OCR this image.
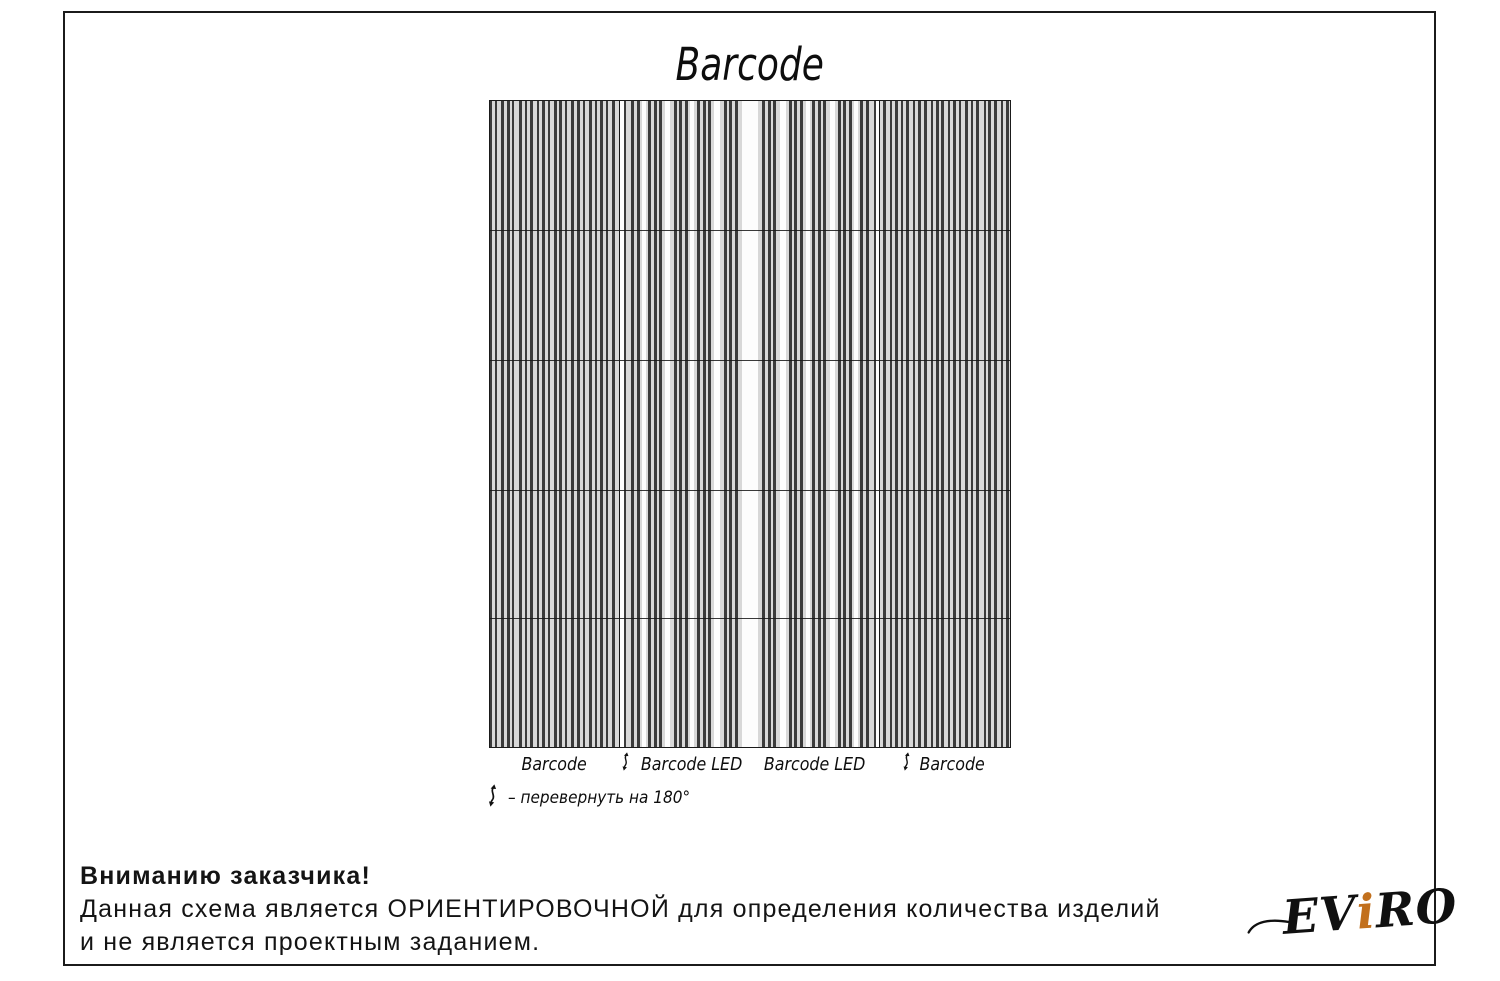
Barcode
Barcode	Barcode LED Barcode LED	Barcode
– перевернуть на 180°
Вниманию заказчика!
Данная схема является ОРИЕНТИРОВОЧНОЙ для определения количества изделий
и не является проектным заданием.	EV
i
RO
